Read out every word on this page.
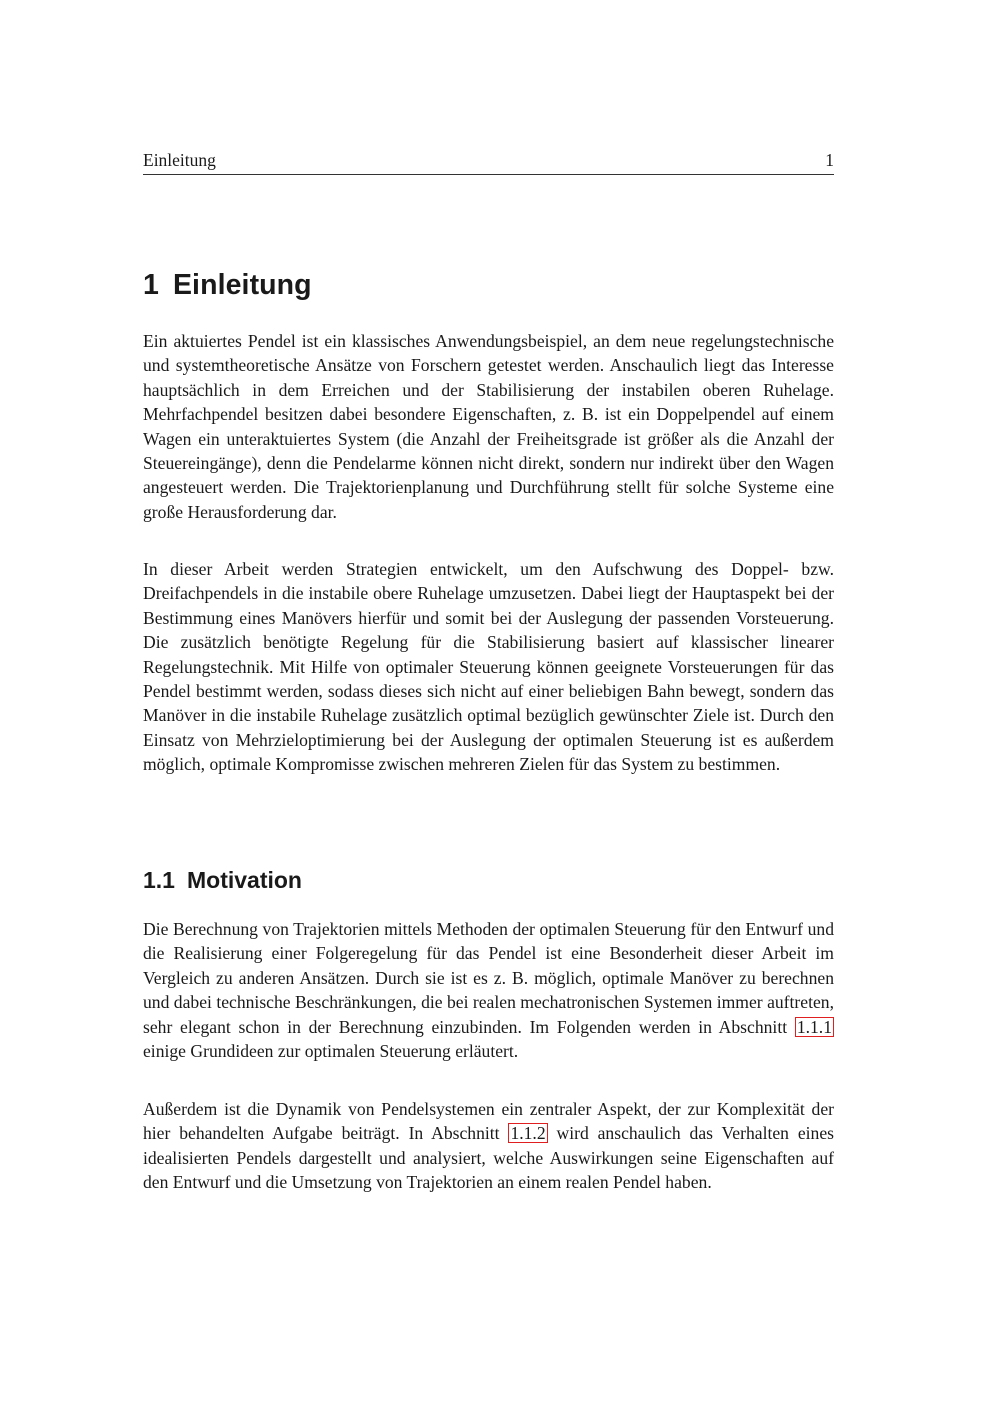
Einleitung	1
1 Einleitung

Ein aktuiertes Pendel ist ein klassisches Anwendungsbeispiel, an dem neue regelungstechnische und systemtheoretische Ansätze von Forschern getestet werden. Anschaulich liegt das Interesse hauptsächlich in dem Erreichen und der Stabilisierung der instabilen oberen Ruhelage. Mehrfachpendel besitzen dabei besondere Eigenschaften, z. B. ist ein Doppelpendel auf einem Wagen ein unteraktuiertes System (die Anzahl der Freiheitsgrade ist größer als die Anzahl der Steuereingänge), denn die Pendelarme können nicht direkt, sondern nur indirekt über den Wagen angesteuert werden. Die Trajektorienplanung und Durchführung stellt für solche Systeme eine große Herausforderung dar.

In dieser Arbeit werden Strategien entwickelt, um den Aufschwung des Doppel- bzw. Dreifachpendels in die instabile obere Ruhelage umzusetzen. Dabei liegt der Hauptaspekt bei der Bestimmung eines Manövers hierfür und somit bei der Auslegung der passenden Vorsteuerung. Die zusätzlich benötigte Regelung für die Stabilisierung basiert auf klassischer linearer Regelungstechnik. Mit Hilfe von optimaler Steuerung können geeignete Vorsteuerungen für das Pendel bestimmt werden, sodass dieses sich nicht auf einer beliebigen Bahn bewegt, sondern das Manöver in die instabile Ruhelage zusätzlich optimal bezüglich gewünschter Ziele ist. Durch den Einsatz von Mehrzieloptimierung bei der Auslegung der optimalen Steuerung ist es außerdem möglich, optimale Kompromisse zwischen mehreren Zielen für das System zu bestimmen.

1.1 Motivation

Die Berechnung von Trajektorien mittels Methoden der optimalen Steuerung für den Entwurf und die Realisierung einer Folgeregelung für das Pendel ist eine Besonderheit dieser Arbeit im Vergleich zu anderen Ansätzen. Durch sie ist es z. B. möglich, optimale Manöver zu berechnen und dabei technische Beschränkungen, die bei realen mechatronischen Systemen immer auftreten, sehr elegant schon in der Berechnung einzubinden. Im Folgenden werden in Abschnitt 1.1.1 einige Grundideen zur optimalen Steuerung erläutert.

Außerdem ist die Dynamik von Pendelsystemen ein zentraler Aspekt, der zur Komplexität der hier behandelten Aufgabe beiträgt. In Abschnitt 1.1.2 wird anschaulich das Verhalten eines idealisierten Pendels dargestellt und analysiert, welche Auswirkungen seine Eigenschaften auf den Entwurf und die Umsetzung von Trajektorien an einem realen Pendel haben.
